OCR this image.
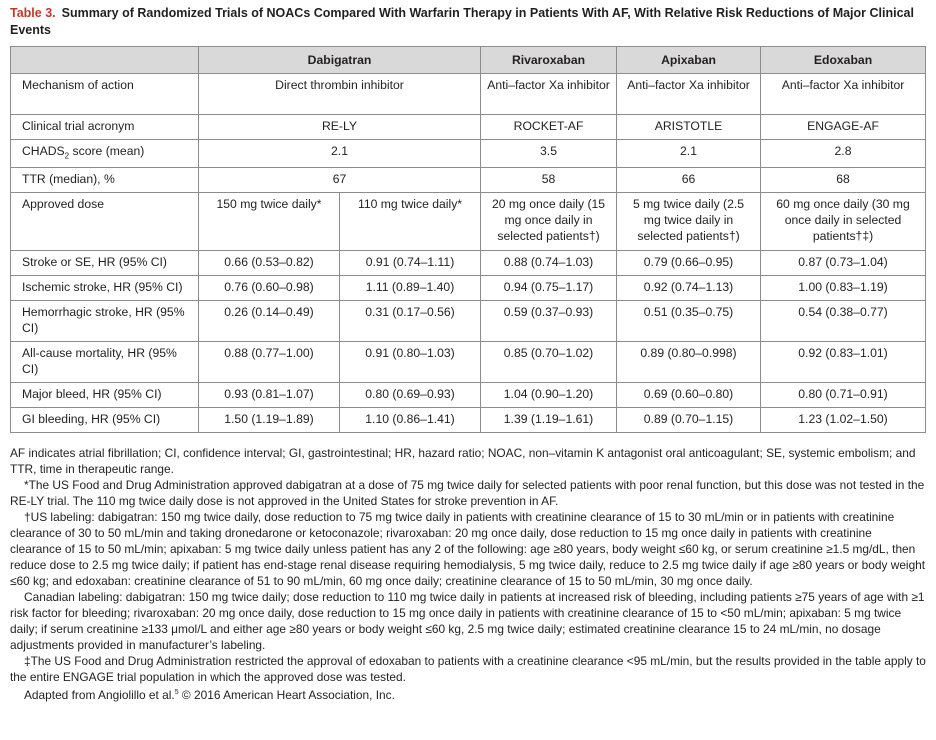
Table 3. Summary of Randomized Trials of NOACs Compared With Warfarin Therapy in Patients With AF, With Relative Risk Reductions of Major Clinical Events
	Dabigatran		Rivaroxaban	Apixaban	Edoxaban
Mechanism of action	Direct thrombin inhibitor		Anti–factor Xa inhibitor	Anti–factor Xa inhibitor	Anti–factor Xa inhibitor
Clinical trial acronym	RE-LY		ROCKET-AF	ARISTOTLE	ENGAGE-AF
$CHADS_2$ score (mean)	2.1		3.5	2.1	2.8
TTR (median), %	67		58	66	68
Approved dose	150 mg twice daily*	110 mg twice daily*	20 mg once daily (15 mg once daily in selected patients†)	5 mg twice daily (2.5 mg twice daily in selected patients†)	60 mg once daily (30 mg once daily in selected patients†‡)
Stroke or SE, HR (95% CI)	0.66 (0.53–0.82)	0.91 (0.74–1.11)	0.88 (0.74–1.03)	0.79 (0.66–0.95)	0.87 (0.73–1.04)
Ischemic stroke, HR (95% CI)	0.76 (0.60–0.98)	1.11 (0.89–1.40)	0.94 (0.75–1.17)	0.92 (0.74–1.13)	1.00 (0.83–1.19)
Hemorrhagic stroke, HR (95% CI)	0.26 (0.14–0.49)	0.31 (0.17–0.56)	0.59 (0.37–0.93)	0.51 (0.35–0.75)	0.54 (0.38–0.77)
All-cause mortality, HR (95% CI)	0.88 (0.77–1.00)	0.91 (0.80–1.03)	0.85 (0.70–1.02)	0.89 (0.80–0.998)	0.92 (0.83–1.01)
Major bleed, HR (95% CI)	0.93 (0.81–1.07)	0.80 (0.69–0.93)	1.04 (0.90–1.20)	0.69 (0.60–0.80)	0.80 (0.71–0.91)
GI bleeding, HR (95% CI)	1.50 (1.19–1.89)	1.10 (0.86–1.41)	1.39 (1.19–1.61)	0.89 (0.70–1.15)	1.23 (1.02–1.50)

AF indicates atrial fibrillation; CI, confidence interval; GI, gastrointestinal; HR, hazard ratio; NOAC, non–vitamin K antagonist oral anticoagulant; SE, systemic embolism; and TTR, time in therapeutic range.

*The US Food and Drug Administration approved dabigatran at a dose of 75 mg twice daily for selected patients with poor renal function, but this dose was not tested in the RE-LY trial. The 110 mg twice daily dose is not approved in the United States for stroke prevention in AF.

†US labeling: dabigatran: 150 mg twice daily, dose reduction to 75 mg twice daily in patients with creatinine clearance of 15 to 30 mL/min or in patients with creatinine clearance of 30 to 50 mL/min and taking dronedarone or ketoconazole; rivaroxaban: 20 mg once daily, dose reduction to 15 mg once daily in patients with creatinine clearance of 15 to 50 mL/min; apixaban: 5 mg twice daily unless patient has any 2 of the following: age ≥80 years, body weight ≤60 kg, or serum creatinine ≥1.5 mg/dL, then reduce dose to 2.5 mg twice daily; if patient has end-stage renal disease requiring hemodialysis, 5 mg twice daily, reduce to 2.5 mg twice daily if age ≥80 years or body weight ≤60 kg; and edoxaban: creatinine clearance of 51 to 90 mL/min, 60 mg once daily; creatinine clearance of 15 to 50 mL/min, 30 mg once daily.

Canadian labeling: dabigatran: 150 mg twice daily; dose reduction to 110 mg twice daily in patients at increased risk of bleeding, including patients ≥75 years of age with ≥1 risk factor for bleeding; rivaroxaban: 20 mg once daily, dose reduction to 15 mg once daily in patients with creatinine clearance of 15 to <50 mL/min; apixaban: 5 mg twice daily; if serum creatinine ≥133 μmol/L and either age ≥80 years or body weight ≤60 kg, 2.5 mg twice daily; estimated creatinine clearance 15 to 24 mL/min, no dosage adjustments provided in manufacturer’s labeling.

‡The US Food and Drug Administration restricted the approval of edoxaban to patients with a creatinine clearance <95 mL/min, but the results provided in the table apply to the entire ENGAGE trial population in which the approved dose was tested.

Adapted from Angiolillo et al.$^5$ © 2016 American Heart Association, Inc.
